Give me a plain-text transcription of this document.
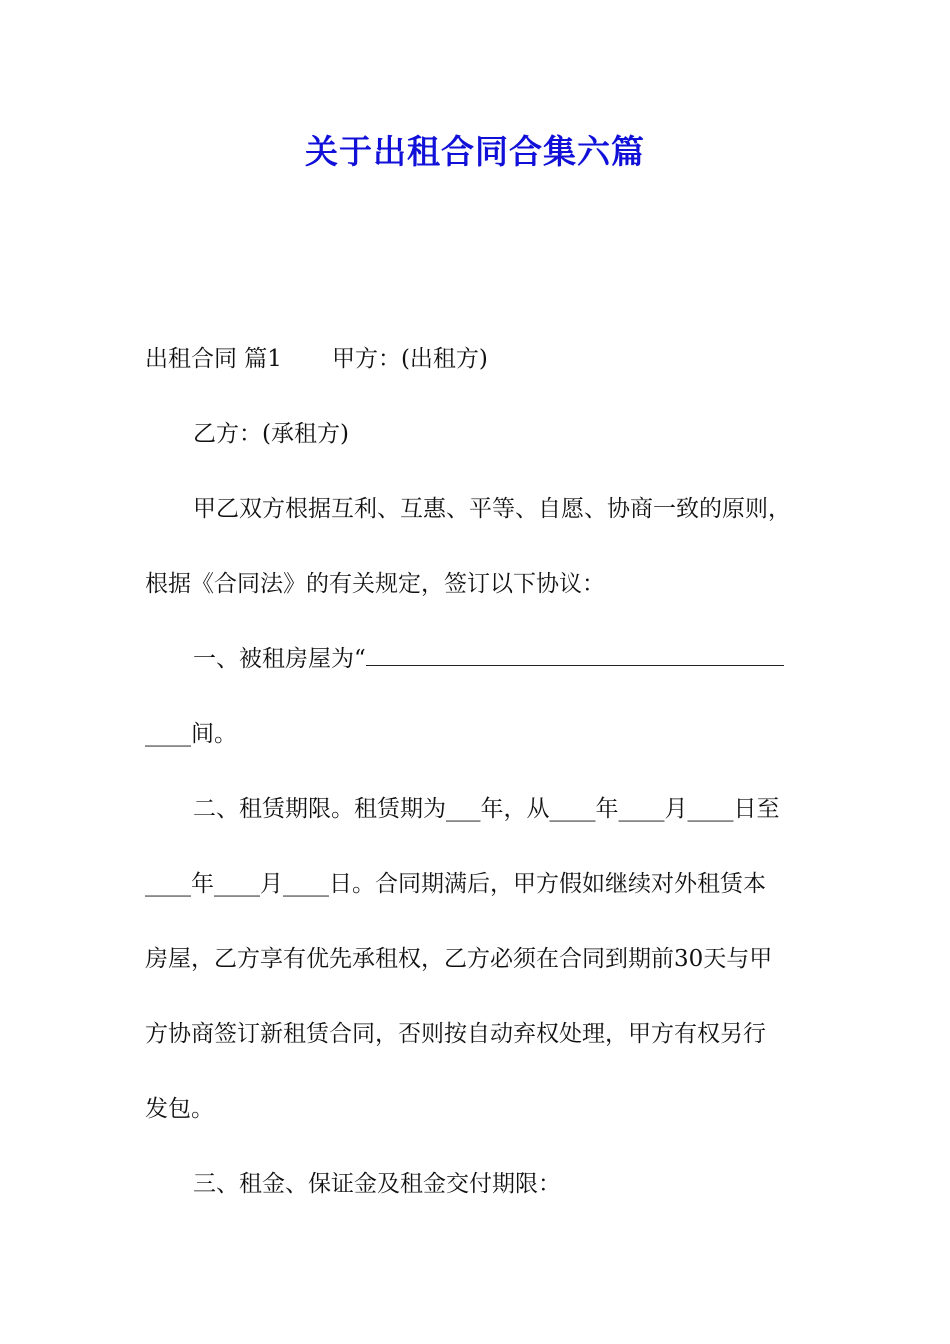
关于出租合同合集六篇
出租合同 篇1 甲方：(出租方)
乙方：(承租方)
甲乙双方根据互利、互惠、平等、自愿、协商一致的原则，
根据《合同法》的有关规定，签订以下协议：
一、被租房屋为“
____间。
二、租赁期限。租赁期为___年，从____年____月____日至
____年____月____日。合同期满后，甲方假如继续对外租赁本
房屋，乙方享有优先承租权，乙方必须在合同到期前30天与甲
方协商签订新租赁合同，否则按自动弃权处理，甲方有权另行
发包。
三、租金、保证金及租金交付期限：
